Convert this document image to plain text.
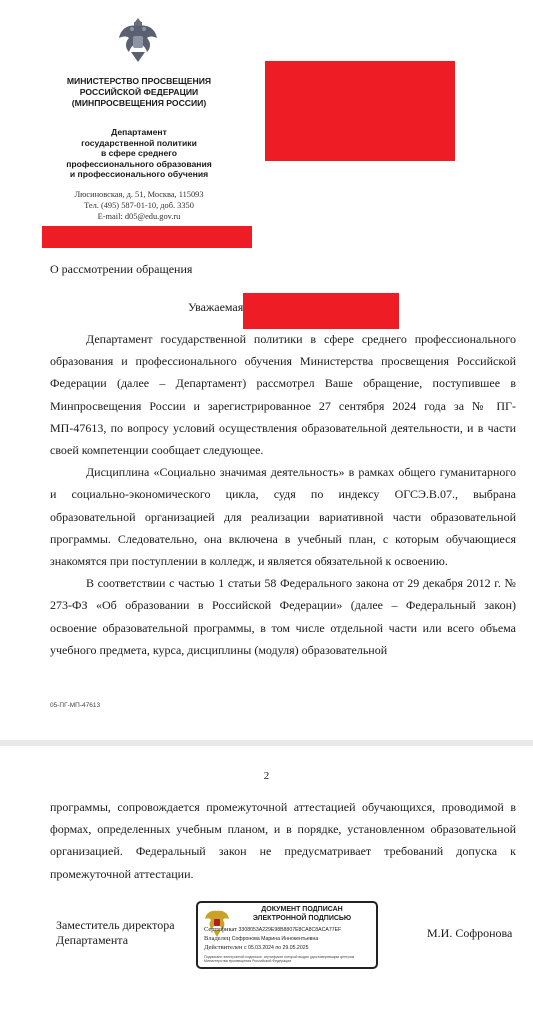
МИНИСТЕРСТВО ПРОСВЕЩЕНИЯ
РОССИЙСКОЙ ФЕДЕРАЦИИ
(МИНПРОСВЕЩЕНИЯ РОССИИ)
Департамент
государственной политики
в сфере среднего
профессионального образования
и профессионального обучения
Люсиновская, д. 51, Москва, 115093
Тел. (495) 587-01-10, доб. 3350
E-mail: d05@edu.gov.ru
О рассмотрении обращения
Уважаемая

Департамент государственной политики в сфере среднего профессионального образования и профессионального обучения Министерства просвещения Российской Федерации (далее – Департамент) рассмотрел Ваше обращение, поступившее в Минпросвещения России и зарегистрированное 27 сентября 2024 года за № ПГ-МП-47613, по вопросу условий осуществления образовательной деятельности, и в части своей компетенции сообщает следующее.

Дисциплина «Социально значимая деятельность» в рамках общего гуманитарного и социально-экономического цикла, судя по индексу ОГСЭ.В.07., выбрана образовательной организацией для реализации вариативной части образовательной программы. Следовательно, она включена в учебный план, с которым обучающиеся знакомятся при поступлении в колледж, и является обязательной к освоению.

В соответствии с частью 1 статьи 58 Федерального закона от 29 декабря 2012 г. № 273-ФЗ «Об образовании в Российской Федерации» (далее – Федеральный закон) освоение образовательной программы, в том числе отдельной части или всего объема учебного предмета, курса, дисциплины (модуля) образовательной

05-ПГ-МП-47613
2

программы, сопровождается промежуточной аттестацией обучающихся, проводимой в формах, определенных учебным планом, и в порядке, установленном образовательной организацией. Федеральный закон не предусматривает требований допуска к промежуточной аттестации.

Заместитель директора
Департамента
ДОКУМЕНТ ПОДПИСАН
ЭЛЕКТРОННОЙ ПОДПИСЬЮ
Сертификат 3308053A229E98B8807E8CA8C8ACA77EF
Владелец Софронова Марина Иннокентьевна
Действителен с 05.03.2024 по 29.05.2025
Подписано электронной подписью, сертификат которой выдан удостоверяющим центром Министерства просвещения Российской Федерации
М.И. Софронова
